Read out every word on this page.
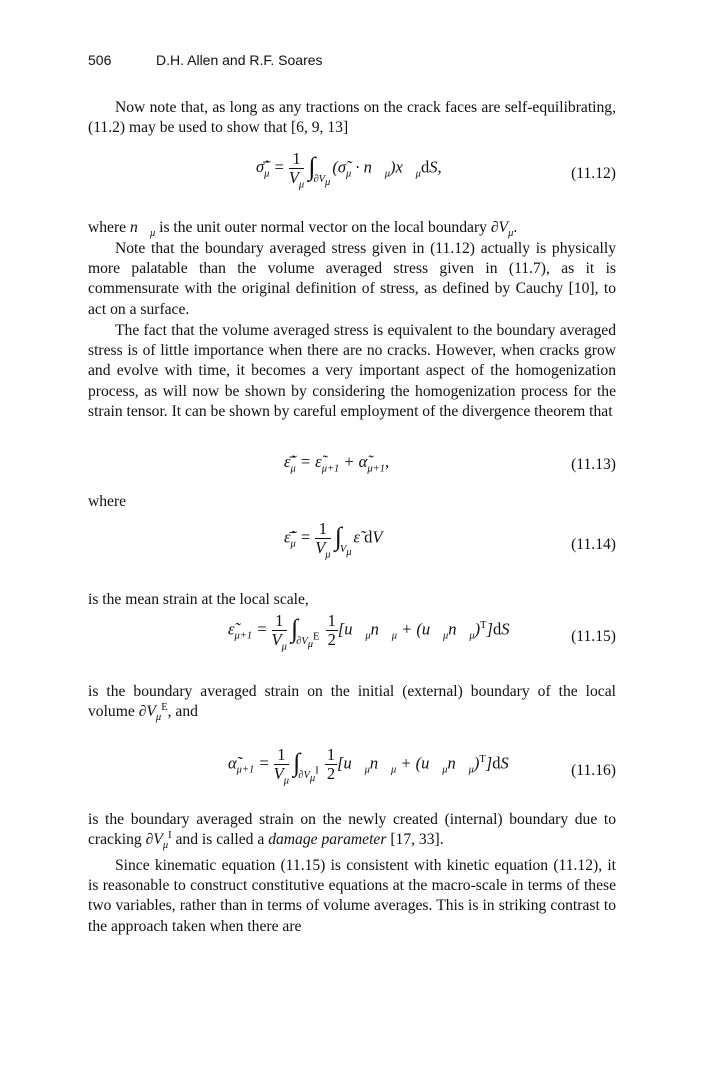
506	D.H. Allen and R.F. Soares

Now note that, as long as any tractions on the crack faces are self-equilibrating, (11.2) may be used to show that [6, 9, 13]

$\sigmã̄_\mu = \frac{1}{V_\mu}$ $\int_{\partial V_\mu}(\sigmã_\mu$ · $n⃗_\mu)x⃗_\mu dS$,	(11.12)

where $n⃗_\mu$ is the unit outer normal vector on the local boundary $\partial V_\mu$.

Note that the boundary averaged stress given in (11.12) actually is physically more palatable than the volume averaged stress given in (11.7), as it is commensurate with the original definition of stress, as defined by Cauchy [10], to act on a surface.

The fact that the volume averaged stress is equivalent to the boundary averaged stress is of little importance when there are no cracks. However, when cracks grow and evolve with time, it becomes a very important aspect of the homogenization process, as will now be shown by considering the homogenization process for the strain tensor. It can be shown by careful employment of the divergence theorem that

$\varepsiloñ̄_\mu$ = $\varepsiloñ_{\mu+1}$ + $\alphã_{\mu+1}$,	(11.13)

where

$\varepsiloñ̄_\mu = \frac{1}{V_\mu}$ $\int_{V_\mu}\varepsiloñ$ dV	(11.14)

is the mean strain at the local scale,

$\varepsiloñ_{\mu+1} = \frac{1}{V_\mu} \int_{\partial V_\mu^E} \frac{1}{2}$ [$u⃗_\mu n⃗_\mu$ + $(u⃗_\mu n⃗_\mu)^T]dS$	(11.15)

is the boundary averaged strain on the initial (external) boundary of the local volume $\partial V_\mu^E$, and

$\alphã_{\mu+1} = \frac{1}{V_\mu} \int_{\partial V_\mu^I} \frac{1}{2}$ [$u⃗_\mu n⃗_\mu$ + $(u⃗_\mu n⃗_\mu)^T]dS$	(11.16)

is the boundary averaged strain on the newly created (internal) boundary due to cracking $\partial V_\mu^I$ and is called a damage parameter [17, 33].

Since kinematic equation (11.15) is consistent with kinetic equation (11.12), it is reasonable to construct constitutive equations at the macro-scale in terms of these two variables, rather than in terms of volume averages. This is in striking contrast to the approach taken when there are
